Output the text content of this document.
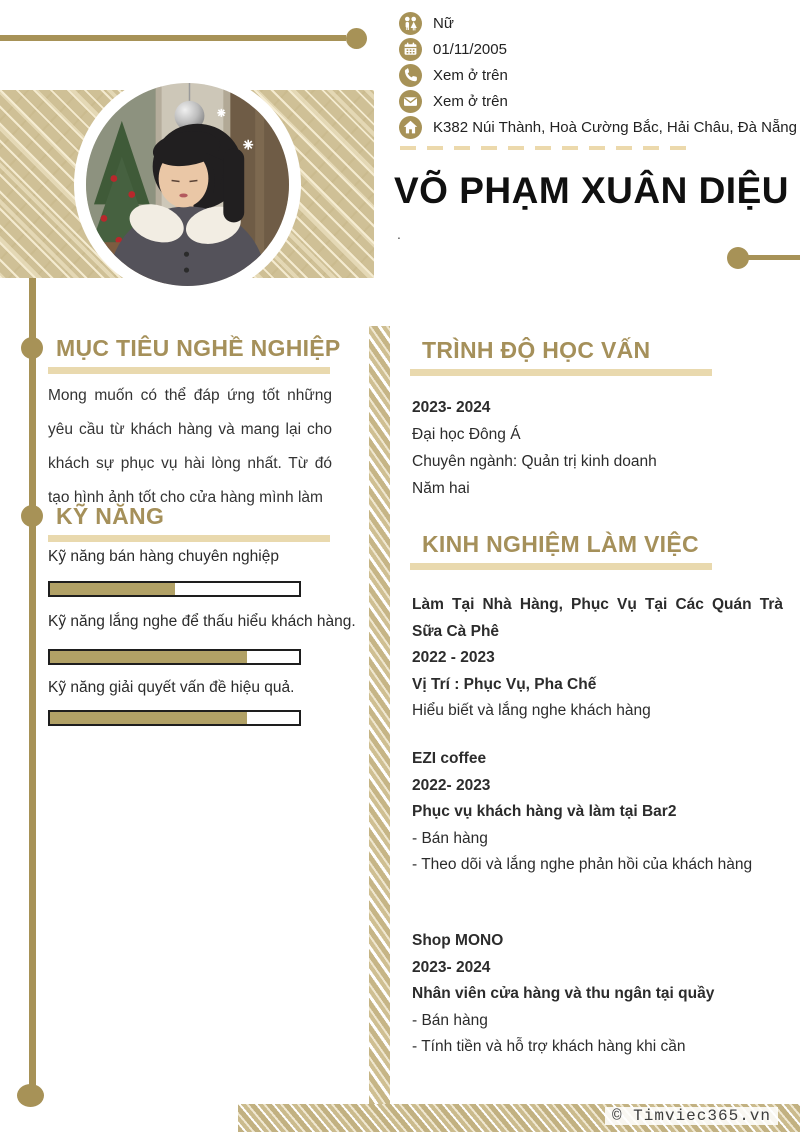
Nữ
01/11/2005
Xem ở trên
Xem ở trên
K382 Núi Thành, Hoà Cường Bắc, Hải Châu, Đà Nẵng
VÕ PHẠM XUÂN DIỆU
.
MỤC TIÊU NGHỀ NGHIỆP
Mong muốn có thể đáp ứng tốt những yêu cầu từ khách hàng và mang lại cho khách sự phục vụ hài lòng nhất. Từ đó tạo hình ảnh tốt cho cửa hàng mình làm
KỸ NĂNG
Kỹ năng bán hàng chuyên nghiệp
Kỹ năng lắng nghe để thấu hiểu khách hàng.
Kỹ năng giải quyết vấn đề hiệu quả.
TRÌNH ĐỘ HỌC VẤN

2023- 2024

Đại học Đông Á

Chuyên ngành: Quản trị kinh doanh

Năm hai

KINH NGHIỆM LÀM VIỆC

Làm Tại Nhà Hàng, Phục Vụ Tại Các Quán Trà Sữa Cà Phê

2022 - 2023

Vị Trí : Phục Vụ, Pha Chế

Hiểu biết và lắng nghe khách hàng

EZI coffee

2022- 2023

Phục vụ khách hàng và làm tại Bar2

- Bán hàng

- Theo dõi và lắng nghe phản hồi của khách hàng

Shop MONO

2023- 2024

Nhân viên cửa hàng và thu ngân tại quầy

- Bán hàng

- Tính tiền và hỗ trợ khách hàng khi cần

© Timviec365.vn
